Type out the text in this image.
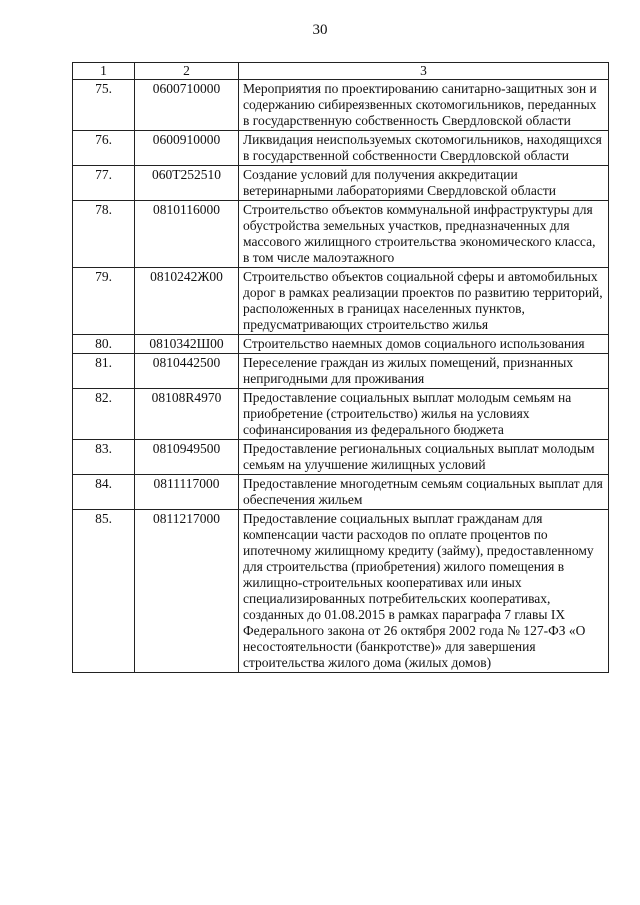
30
1	2	3
75.	0600710000	Мероприятия по проектированию санитарно-защитных зон и содержанию сибиреязвенных скотомогильников, переданных в государственную собственность Свердловской области
76.	0600910000	Ликвидация неиспользуемых скотомогильников, находящихся в государственной собственности Свердловской области
77.	060Т252510	Создание условий для получения аккредитации ветеринарными лабораториями Свердловской области
78.	0810116000	Строительство объектов коммунальной инфраструктуры для обустройства земельных участков, предназначенных для массового жилищного строительства экономического класса, в том числе малоэтажного
79.	0810242Ж00	Строительство объектов социальной сферы и автомобильных дорог в рамках реализации проектов по развитию территорий, расположенных в границах населенных пунктов, предусматривающих строительство жилья
80.	0810342Ш00	Строительство наемных домов социального использования
81.	0810442500	Переселение граждан из жилых помещений, признанных непригодными для проживания
82.	08108R4970	Предоставление социальных выплат молодым семьям на приобретение (строительство) жилья на условиях софинансирования из федерального бюджета
83.	0810949500	Предоставление региональных социальных выплат молодым семьям на улучшение жилищных условий
84.	0811117000	Предоставление многодетным семьям социальных выплат для обеспечения жильем
85.	0811217000	Предоставление социальных выплат гражданам для компенсации части расходов по оплате процентов по ипотечному жилищному кредиту (займу), предоставленному для строительства (приобретения) жилого помещения в жилищно-строительных кооперативах или иных специализированных потребительских кооперативах, созданных до 01.08.2015 в рамках параграфа 7 главы IX Федерального закона от 26 октября 2002 года № 127-ФЗ «О несостоятельности (банкротстве)» для завершения строительства жилого дома (жилых домов)
